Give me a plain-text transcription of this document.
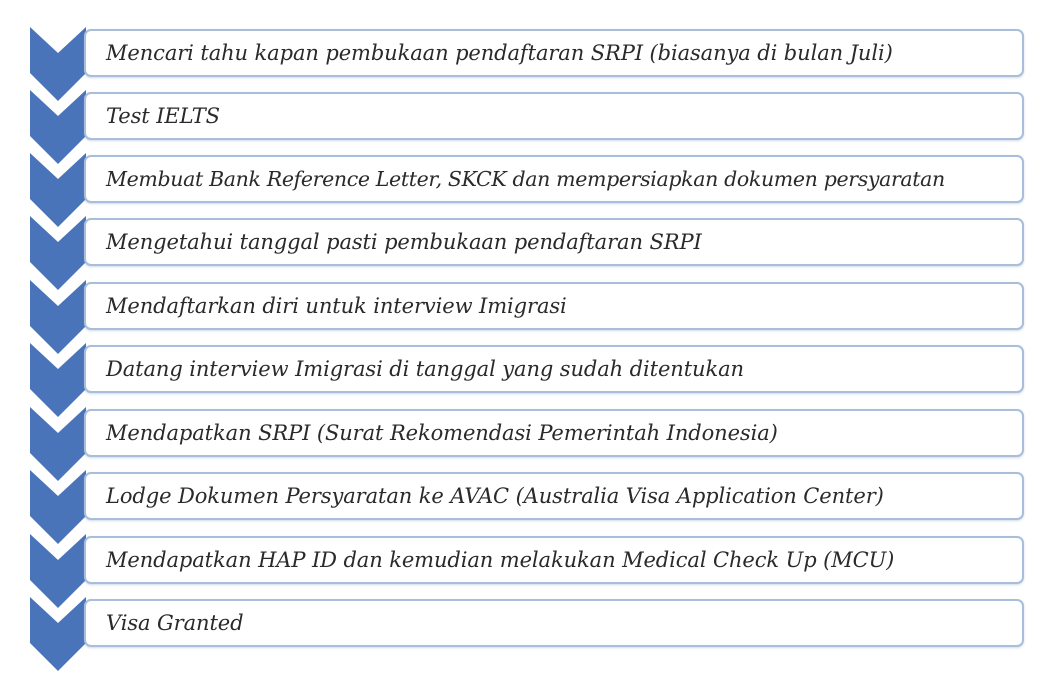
Mencari tahu kapan pembukaan pendaftaran SRPI (biasanya di bulan Juli)
Test IELTS
Membuat Bank Reference Letter, SKCK dan mempersiapkan dokumen persyaratan
Mengetahui tanggal pasti pembukaan pendaftaran SRPI
Mendaftarkan diri untuk interview Imigrasi
Datang interview Imigrasi di tanggal yang sudah ditentukan
Mendapatkan SRPI (Surat Rekomendasi Pemerintah Indonesia)
Lodge Dokumen Persyaratan ke AVAC (Australia Visa Application Center)
Mendapatkan HAP ID dan kemudian melakukan Medical Check Up (MCU)
Visa Granted
